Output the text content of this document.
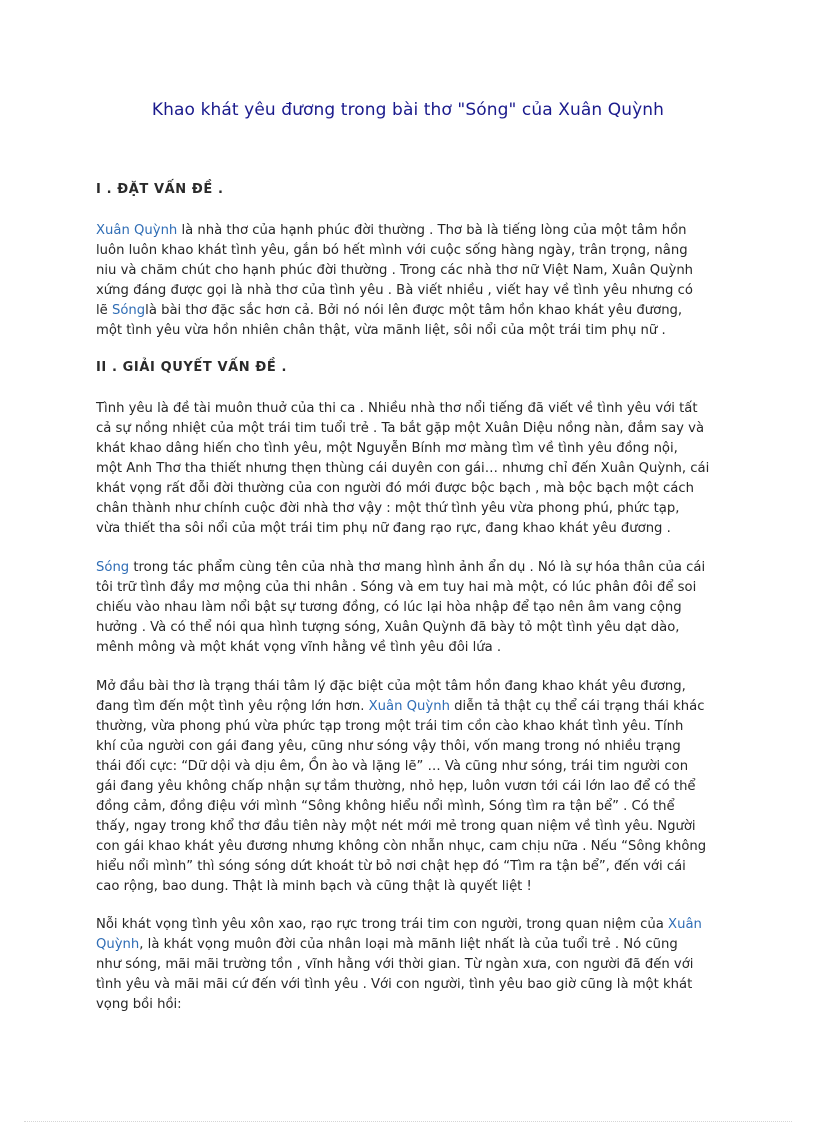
Khao khát yêu đương trong bài thơ "Sóng" của Xuân Quỳnh
I . ĐẶT VẤN ĐỀ .
Xuân Quỳnh là nhà thơ của hạnh phúc đời thường . Thơ bà là tiếng lòng của một tâm hồn
luôn luôn khao khát tình yêu, gắn bó hết mình với cuộc sống hàng ngày, trân trọng, nâng
niu và chăm chút cho hạnh phúc đời thường . Trong các nhà thơ nữ Việt Nam, Xuân Quỳnh
xứng đáng được gọi là nhà thơ của tình yêu . Bà viết nhiều , viết hay về tình yêu nhưng có
lẽ Sónglà bài thơ đặc sắc hơn cả. Bởi nó nói lên được một tâm hồn khao khát yêu đương,
một tình yêu vừa hồn nhiên chân thật, vừa mãnh liệt, sôi nổi của một trái tim phụ nữ .
II . GIẢI QUYẾT VẤN ĐỀ .
Tình yêu là đề tài muôn thuở của thi ca . Nhiều nhà thơ nổi tiếng đã viết về tình yêu với tất
cả sự nồng nhiệt của một trái tim tuổi trẻ . Ta bắt gặp một Xuân Diệu nồng nàn, đắm say và
khát khao dâng hiến cho tình yêu, một Nguyễn Bính mơ màng tìm về tình yêu đồng nội,
một Anh Thơ tha thiết nhưng thẹn thùng cái duyên con gái… nhưng chỉ đến Xuân Quỳnh, cái
khát vọng rất đỗi đời thường của con người đó mới được bộc bạch , mà bộc bạch một cách
chân thành như chính cuộc đời nhà thơ vậy : một thứ tình yêu vừa phong phú, phức tạp,
vừa thiết tha sôi nổi của một trái tim phụ nữ đang rạo rực, đang khao khát yêu đương .
Sóng trong tác phẩm cùng tên của nhà thơ mang hình ảnh ẩn dụ . Nó là sự hóa thân của cái
tôi trữ tình đầy mơ mộng của thi nhân . Sóng và em tuy hai mà một, có lúc phân đôi để soi
chiếu vào nhau làm nổi bật sự tương đồng, có lúc lại hòa nhập để tạo nên âm vang cộng
hưởng . Và có thể nói qua hình tượng sóng, Xuân Quỳnh đã bày tỏ một tình yêu dạt dào,
mênh mông và một khát vọng vĩnh hằng về tình yêu đôi lứa .
Mở đầu bài thơ là trạng thái tâm lý đặc biệt của một tâm hồn đang khao khát yêu đương,
đang tìm đến một tình yêu rộng lớn hơn. Xuân Quỳnh diễn tả thật cụ thể cái trạng thái khác
thường, vừa phong phú vừa phức tạp trong một trái tim cồn cào khao khát tình yêu. Tính
khí của người con gái đang yêu, cũng như sóng vậy thôi, vốn mang trong nó nhiều trạng
thái đối cực: “Dữ dội và dịu êm, Ồn ào và lặng lẽ” … Và cũng như sóng, trái tim người con
gái đang yêu không chấp nhận sự tầm thường, nhỏ hẹp, luôn vươn tới cái lớn lao để có thể
đồng cảm, đồng điệu với mình “Sông không hiểu nổi mình, Sóng tìm ra tận bể” . Có thể
thấy, ngay trong khổ thơ đầu tiên này một nét mới mẻ trong quan niệm về tình yêu. Người
con gái khao khát yêu đương nhưng không còn nhẫn nhục, cam chịu nữa . Nếu “Sông không
hiểu nổi mình” thì sóng sóng dứt khoát từ bỏ nơi chật hẹp đó “Tìm ra tận bể”, đến với cái
cao rộng, bao dung. Thật là minh bạch và cũng thật là quyết liệt !
Nỗi khát vọng tình yêu xôn xao, rạo rực trong trái tim con người, trong quan niệm của Xuân
Quỳnh, là khát vọng muôn đời của nhân loại mà mãnh liệt nhất là của tuổi trẻ . Nó cũng
như sóng, mãi mãi trường tồn , vĩnh hằng với thời gian. Từ ngàn xưa, con người đã đến với
tình yêu và mãi mãi cứ đến với tình yêu . Với con người, tình yêu bao giờ cũng là một khát
vọng bồi hồi:
